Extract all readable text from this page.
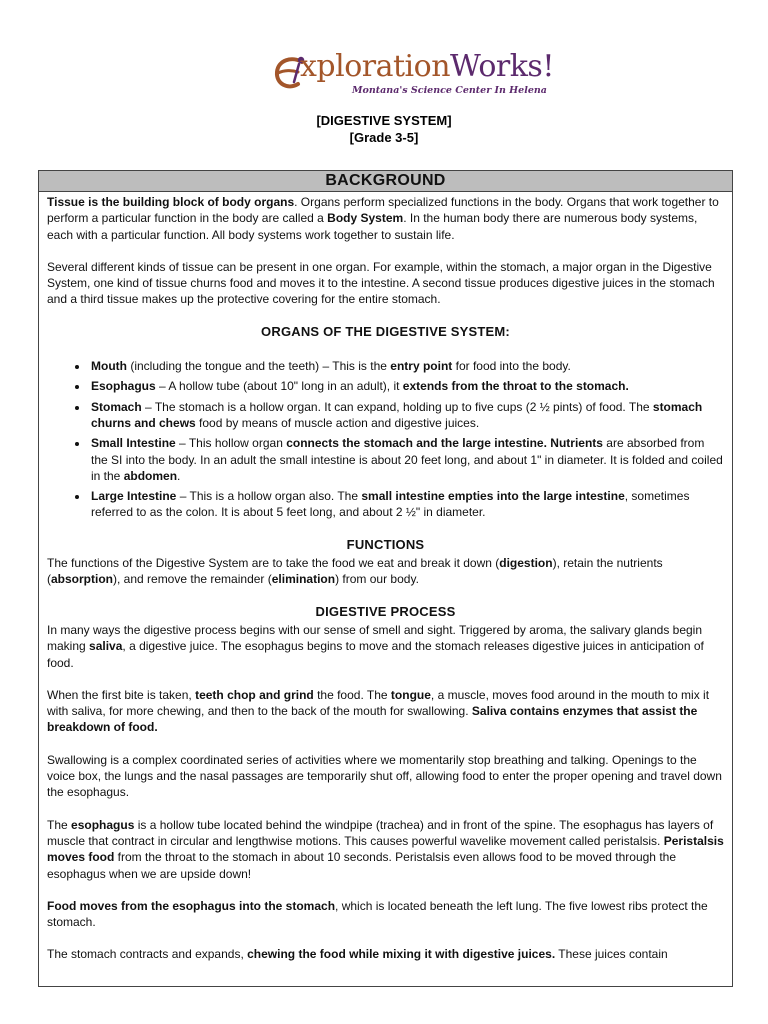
xplorationWorks!
Montana's Science Center In Helena
[DIGESTIVE SYSTEM]
[Grade 3-5]
BACKGROUND

Tissue is the building block of body organs. Organs perform specialized functions in the body. Organs that work together to perform a particular function in the body are called a Body System. In the human body there are numerous body systems, each with a particular function. All body systems work together to sustain life.

Several different kinds of tissue can be present in one organ. For example, within the stomach, a major organ in the Digestive System, one kind of tissue churns food and moves it to the intestine. A second tissue produces digestive juices in the stomach and a third tissue makes up the protective covering for the entire stomach.

ORGANS OF THE DIGESTIVE SYSTEM:
• Mouth (including the tongue and the teeth) – This is the entry point for food into the body.
• Esophagus – A hollow tube (about 10" long in an adult), it extends from the throat to the stomach.
• Stomach – The stomach is a hollow organ. It can expand, holding up to five cups (2 ½ pints) of food. The stomach churns and chews food by means of muscle action and digestive juices.
• Small Intestine – This hollow organ connects the stomach and the large intestine. Nutrients are absorbed from the SI into the body. In an adult the small intestine is about 20 feet long, and about 1" in diameter. It is folded and coiled in the abdomen.
• Large Intestine – This is a hollow organ also. The small intestine empties into the large intestine, sometimes referred to as the colon. It is about 5 feet long, and about 2 ½" in diameter.
FUNCTIONS

The functions of the Digestive System are to take the food we eat and break it down (digestion), retain the nutrients (absorption), and remove the remainder (elimination) from our body.

DIGESTIVE PROCESS

In many ways the digestive process begins with our sense of smell and sight. Triggered by aroma, the salivary glands begin making saliva, a digestive juice. The esophagus begins to move and the stomach releases digestive juices in anticipation of food.

When the first bite is taken, teeth chop and grind the food. The tongue, a muscle, moves food around in the mouth to mix it with saliva, for more chewing, and then to the back of the mouth for swallowing. Saliva contains enzymes that assist the breakdown of food.

Swallowing is a complex coordinated series of activities where we momentarily stop breathing and talking. Openings to the voice box, the lungs and the nasal passages are temporarily shut off, allowing food to enter the proper opening and travel down the esophagus.

The esophagus is a hollow tube located behind the windpipe (trachea) and in front of the spine. The esophagus has layers of muscle that contract in circular and lengthwise motions. This causes powerful wavelike movement called peristalsis. Peristalsis moves food from the throat to the stomach in about 10 seconds. Peristalsis even allows food to be moved through the esophagus when we are upside down!

Food moves from the esophagus into the stomach, which is located beneath the left lung. The five lowest ribs protect the stomach.

The stomach contracts and expands, chewing the food while mixing it with digestive juices. These juices contain
